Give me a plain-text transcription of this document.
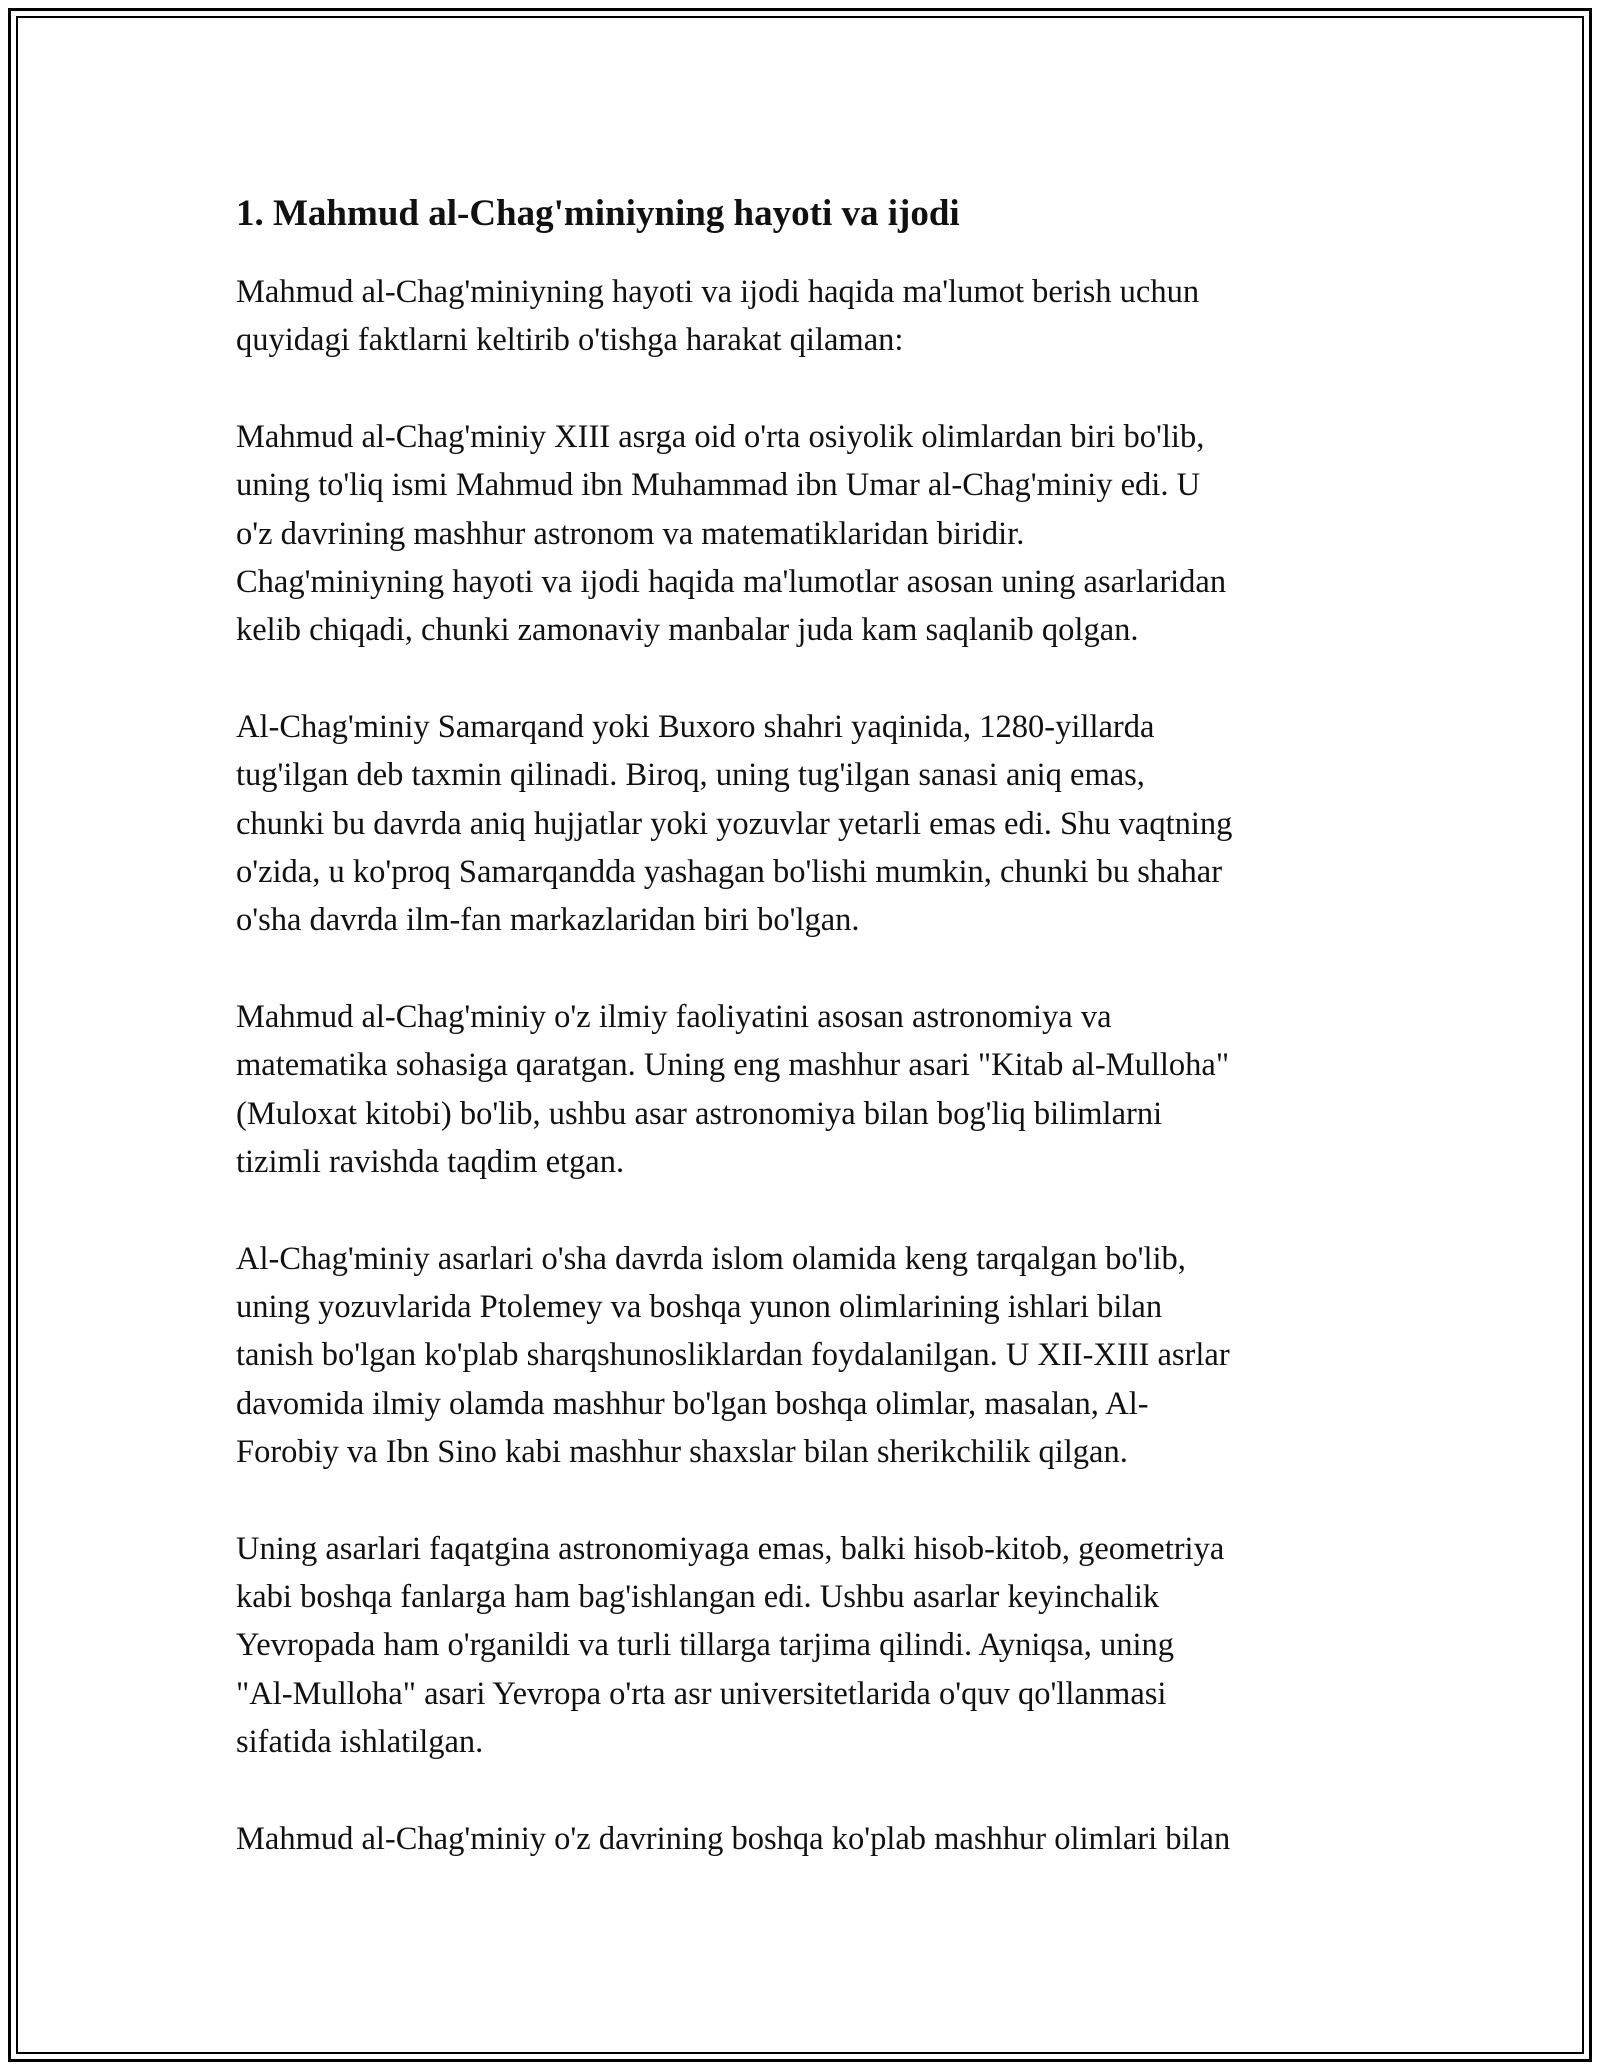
1. Mahmud al-Chag'miniyning hayoti va ijodi

Mahmud al-Chag'miniyning hayoti va ijodi haqida ma'lumot berish uchun
quyidagi faktlarni keltirib o'tishga harakat qilaman:

Mahmud al-Chag'miniy XIII asrga oid o'rta osiyolik olimlardan biri bo'lib,
uning to'liq ismi Mahmud ibn Muhammad ibn Umar al-Chag'miniy edi. U
o'z davrining mashhur astronom va matematiklaridan biridir.
Chag'miniyning hayoti va ijodi haqida ma'lumotlar asosan uning asarlaridan
kelib chiqadi, chunki zamonaviy manbalar juda kam saqlanib qolgan.

Al-Chag'miniy Samarqand yoki Buxoro shahri yaqinida, 1280-yillarda
tug'ilgan deb taxmin qilinadi. Biroq, uning tug'ilgan sanasi aniq emas,
chunki bu davrda aniq hujjatlar yoki yozuvlar yetarli emas edi. Shu vaqtning
o'zida, u ko'proq Samarqandda yashagan bo'lishi mumkin, chunki bu shahar
o'sha davrda ilm-fan markazlaridan biri bo'lgan.

Mahmud al-Chag'miniy o'z ilmiy faoliyatini asosan astronomiya va
matematika sohasiga qaratgan. Uning eng mashhur asari "Kitab al-Mulloha"
(Muloxat kitobi) bo'lib, ushbu asar astronomiya bilan bog'liq bilimlarni
tizimli ravishda taqdim etgan.

Al-Chag'miniy asarlari o'sha davrda islom olamida keng tarqalgan bo'lib,
uning yozuvlarida Ptolemey va boshqa yunon olimlarining ishlari bilan
tanish bo'lgan ko'plab sharqshunosliklardan foydalanilgan. U XII-XIII asrlar
davomida ilmiy olamda mashhur bo'lgan boshqa olimlar, masalan, Al-
Forobiy va Ibn Sino kabi mashhur shaxslar bilan sherikchilik qilgan.

Uning asarlari faqatgina astronomiyaga emas, balki hisob-kitob, geometriya
kabi boshqa fanlarga ham bag'ishlangan edi. Ushbu asarlar keyinchalik
Yevropada ham o'rganildi va turli tillarga tarjima qilindi. Ayniqsa, uning
"Al-Mulloha" asari Yevropa o'rta asr universitetlarida o'quv qo'llanmasi
sifatida ishlatilgan.

Mahmud al-Chag'miniy o'z davrining boshqa ko'plab mashhur olimlari bilan
